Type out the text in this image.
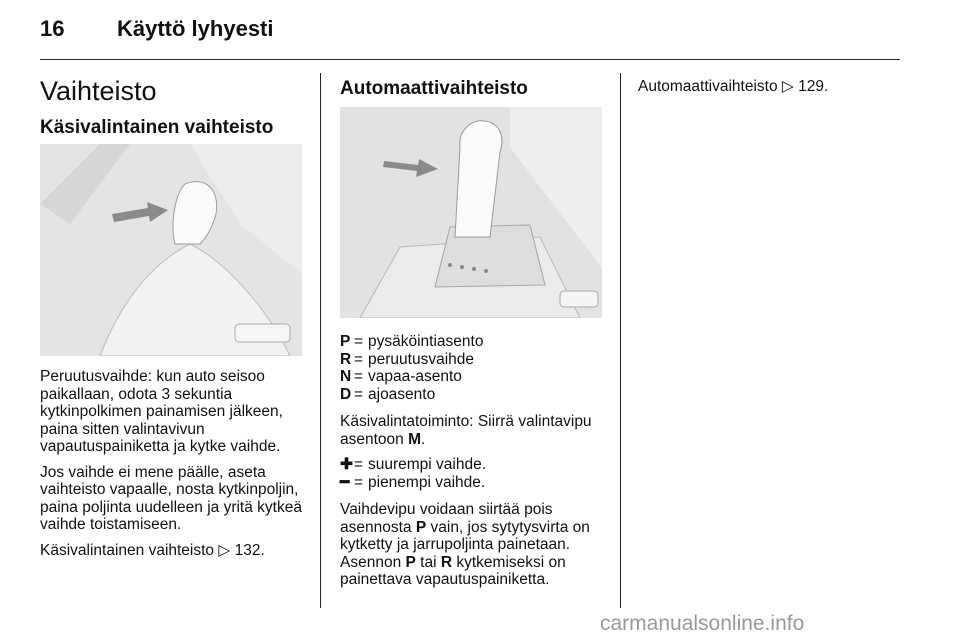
16 Käyttö lyhyesti
Vaihteisto
Käsivalintainen vaihteisto

Peruutusvaihde: kun auto seisoo paikallaan, odota 3 sekuntia kytkinpolkimen painamisen jälkeen, paina sitten valintavivun vapautuspainiketta ja kytke vaihde.

Jos vaihde ei mene päälle, aseta vaihteisto vapaalle, nosta kytkinpoljin, paina poljinta uudelleen ja yritä kytkeä vaihde toistamiseen.

Käsivalintainen vaihteisto ▷ 132.

Automaattivaihteisto
P = pysäköintiasento
R = peruutusvaihde
N = vapaa-asento
D = ajoasento

Käsivalintatoiminto: Siirrä valintavipu asentoon M.

✚ = suurempi vaihde.
━ = pienempi vaihde.

Vaihdevipu voidaan siirtää pois asennosta P vain, jos sytytysvirta on kytketty ja jarrupoljinta painetaan. Asennon P tai R kytkemiseksi on painettava vapautuspainiketta.

Automaattivaihteisto ▷ 129.
carmanualsonline.info
